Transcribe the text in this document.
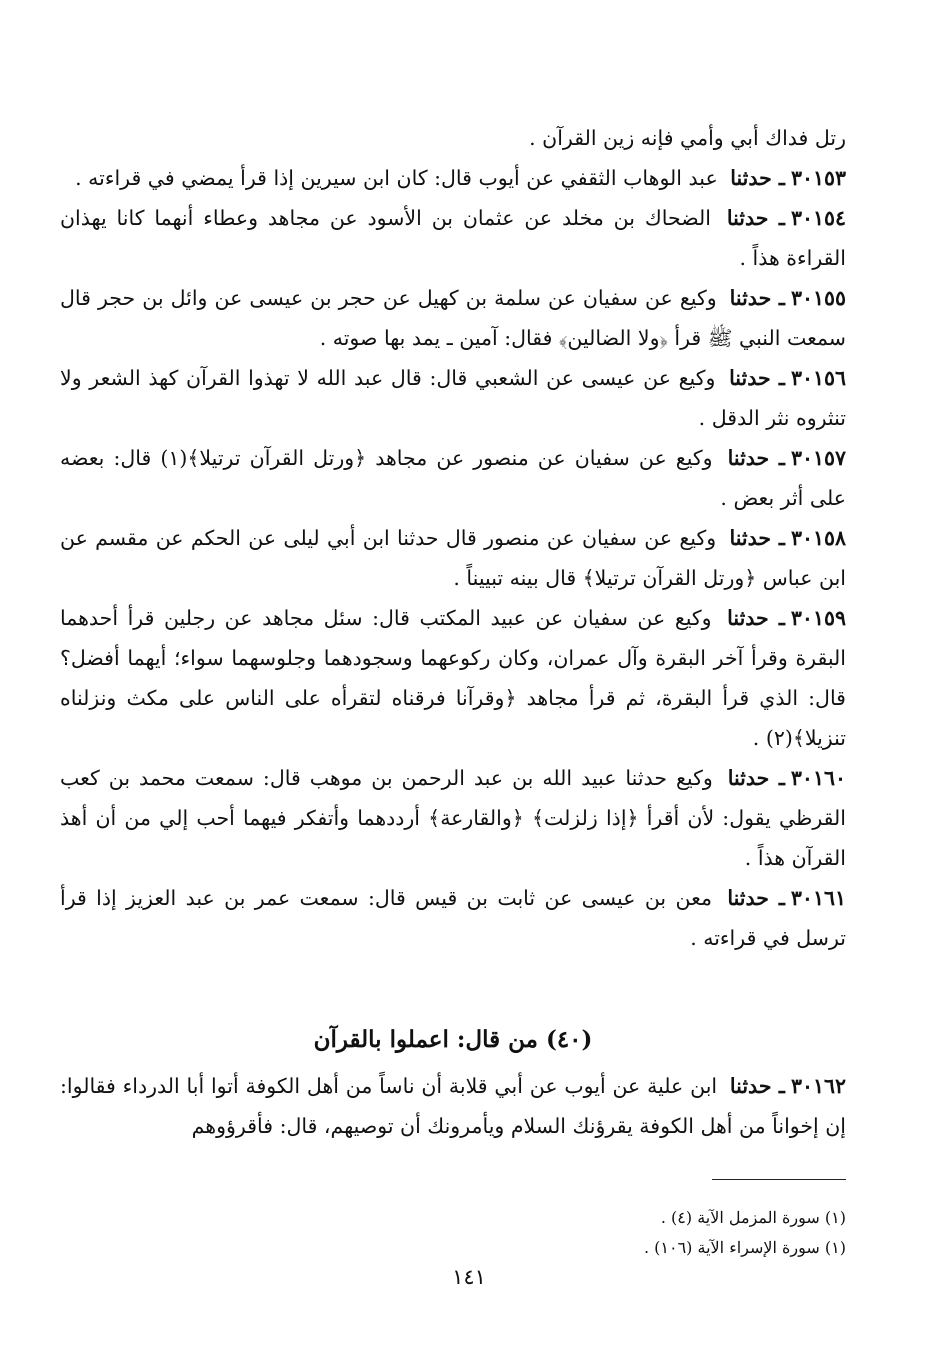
رتل فداك أبي وأمي فإنه زين القرآن .

٣٠١٥٣ـ حدثنا عبد الوهاب الثقفي عن أيوب قال: كان ابن سيرين إذا قرأ يمضي في قراءته .

٣٠١٥٤ـ حدثنا الضحاك بن مخلد عن عثمان بن الأسود عن مجاهد وعطاء أنهما كانا يهذان القراءة هذاً .

٣٠١٥٥ـ حدثنا وكيع عن سفيان عن سلمة بن كهيل عن حجر بن عيسى عن وائل بن حجر قال سمعت النبي ﷺ قرأ ﴿ولا الضالين﴾ فقال: آمين ـ يمد بها صوته .

٣٠١٥٦ـ حدثنا وكيع عن عيسى عن الشعبي قال: قال عبد الله لا تهذوا القرآن كهذ الشعر ولا تنثروه نثر الدقل .

٣٠١٥٧ـ حدثنا وكيع عن سفيان عن منصور عن مجاهد ﴿ورتل القرآن ترتيلا﴾(١) قال: بعضه على أثر بعض .

٣٠١٥٨ـ حدثنا وكيع عن سفيان عن منصور قال حدثنا ابن أبي ليلى عن الحكم عن مقسم عن ابن عباس ﴿ورتل القرآن ترتيلا﴾ قال بينه تبييناً .

٣٠١٥٩ـ حدثنا وكيع عن سفيان عن عبيد المكتب قال: سئل مجاهد عن رجلين قرأ أحدهما البقرة وقرأ آخر البقرة وآل عمران، وكان ركوعهما وسجودهما وجلوسهما سواء؛ أيهما أفضل؟ قال: الذي قرأ البقرة، ثم قرأ مجاهد ﴿وقرآنا فرقناه لتقرأه على الناس على مكث ونزلناه تنزيلا﴾(٢) .

٣٠١٦٠ـ حدثنا وكيع حدثنا عبيد الله بن عبد الرحمن بن موهب قال: سمعت محمد بن كعب القرظي يقول: لأن أقرأ ﴿إذا زلزلت﴾ ﴿والقارعة﴾ أرددهما وأتفكر فيهما أحب إلي من أن أهذ القرآن هذاً .

٣٠١٦١ـ حدثنا معن بن عيسى عن ثابت بن قيس قال: سمعت عمر بن عبد العزيز إذا قرأ ترسل في قراءته .

(٤٠) من قال: اعملوا بالقرآن

٣٠١٦٢ـ حدثنا ابن علية عن أيوب عن أبي قلابة أن ناساً من أهل الكوفة أتوا أبا الدرداء فقالوا: إن إخواناً من أهل الكوفة يقرؤنك السلام ويأمرونك أن توصيهم، قال: فأقرؤوهم

(١) سورة المزمل الآية (٤) .

(١) سورة الإسراء الآية (١٠٦) .

١٤١
